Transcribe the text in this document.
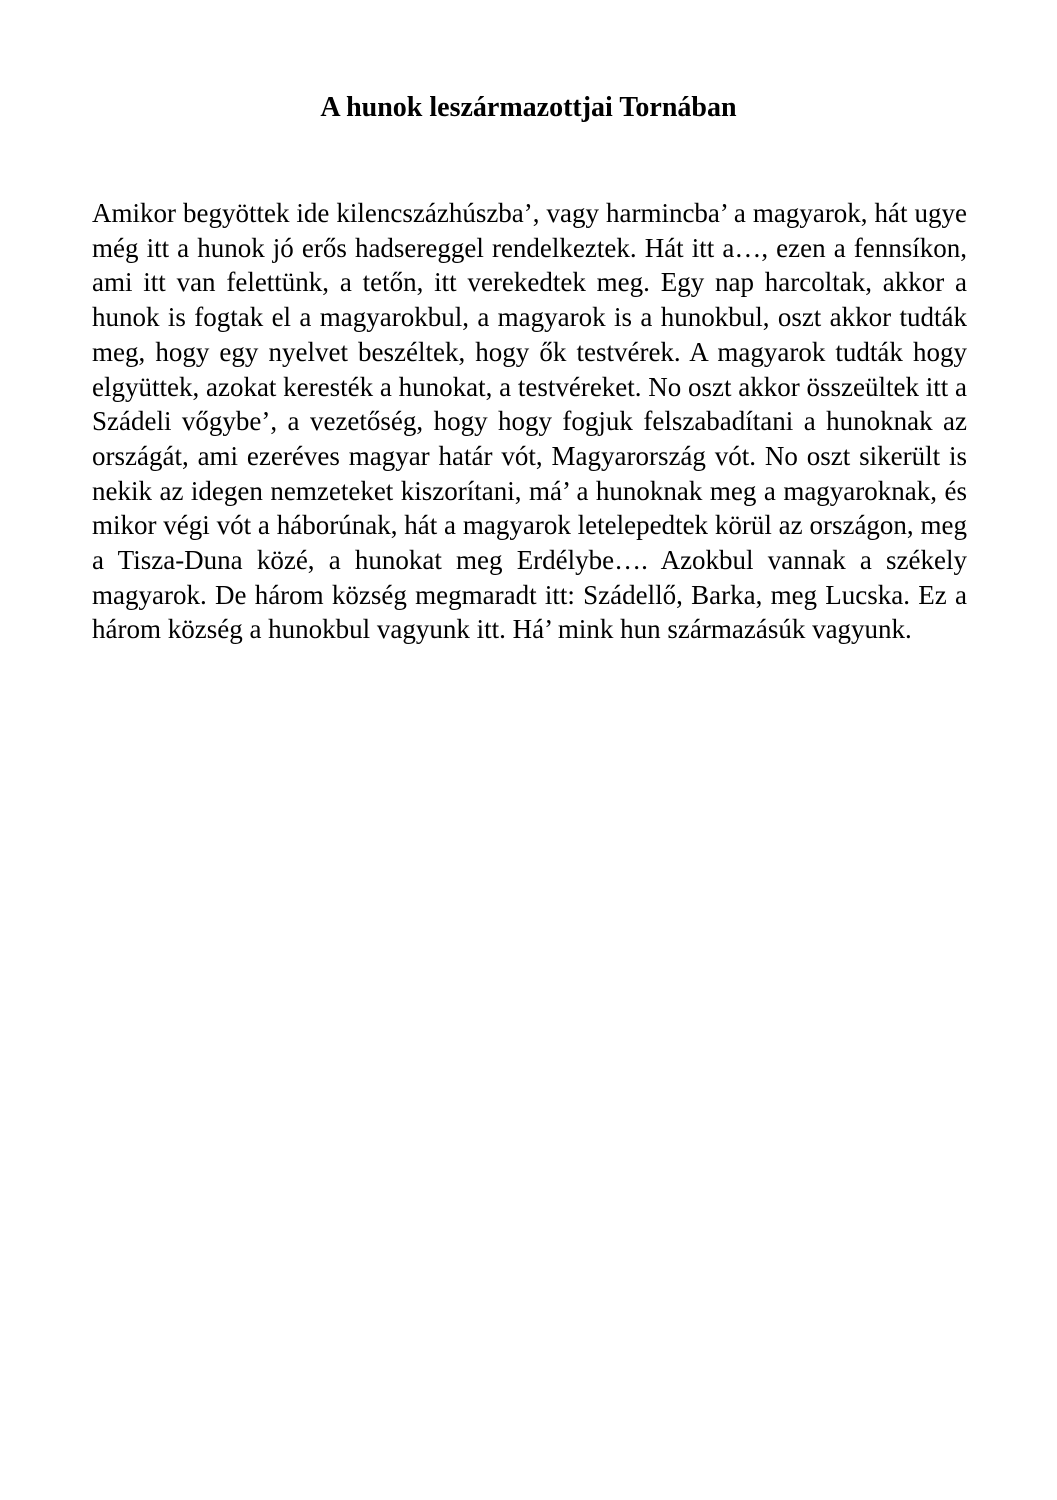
A hunok leszármazottjai Tornában

Amikor begyöttek ide kilencszázhúszba’, vagy harmincba’ a magyarok, hát ugye még itt a hunok jó erős hadsereggel rendelkeztek. Hát itt a…, ezen a fennsíkon, ami itt van felettünk, a tetőn, itt verekedtek meg. Egy nap harcoltak, akkor a hunok is fogtak el a magyarokbul, a magyarok is a hunokbul, oszt akkor tudták meg, hogy egy nyelvet beszéltek, hogy ők testvérek. A magyarok tudták hogy elgyüttek, azokat keresték a hunokat, a testvéreket. No oszt akkor összeültek itt a Szádeli vőgybe’, a vezetőség, hogy hogy fogjuk felszabadítani a hunoknak az országát, ami ezeréves magyar határ vót, Magyarország vót. No oszt sikerült is nekik az idegen nemzeteket kiszorítani, má’ a hunoknak meg a magyaroknak, és mikor végi vót a háborúnak, hát a magyarok letelepedtek körül az országon, meg a Tisza-Duna közé, a hunokat meg Erdélybe…. Azokbul vannak a székely magyarok. De három község megmaradt itt: Szádellő, Barka, meg Lucska. Ez a három község a hunokbul vagyunk itt. Há’ mink hun származásúk vagyunk.
